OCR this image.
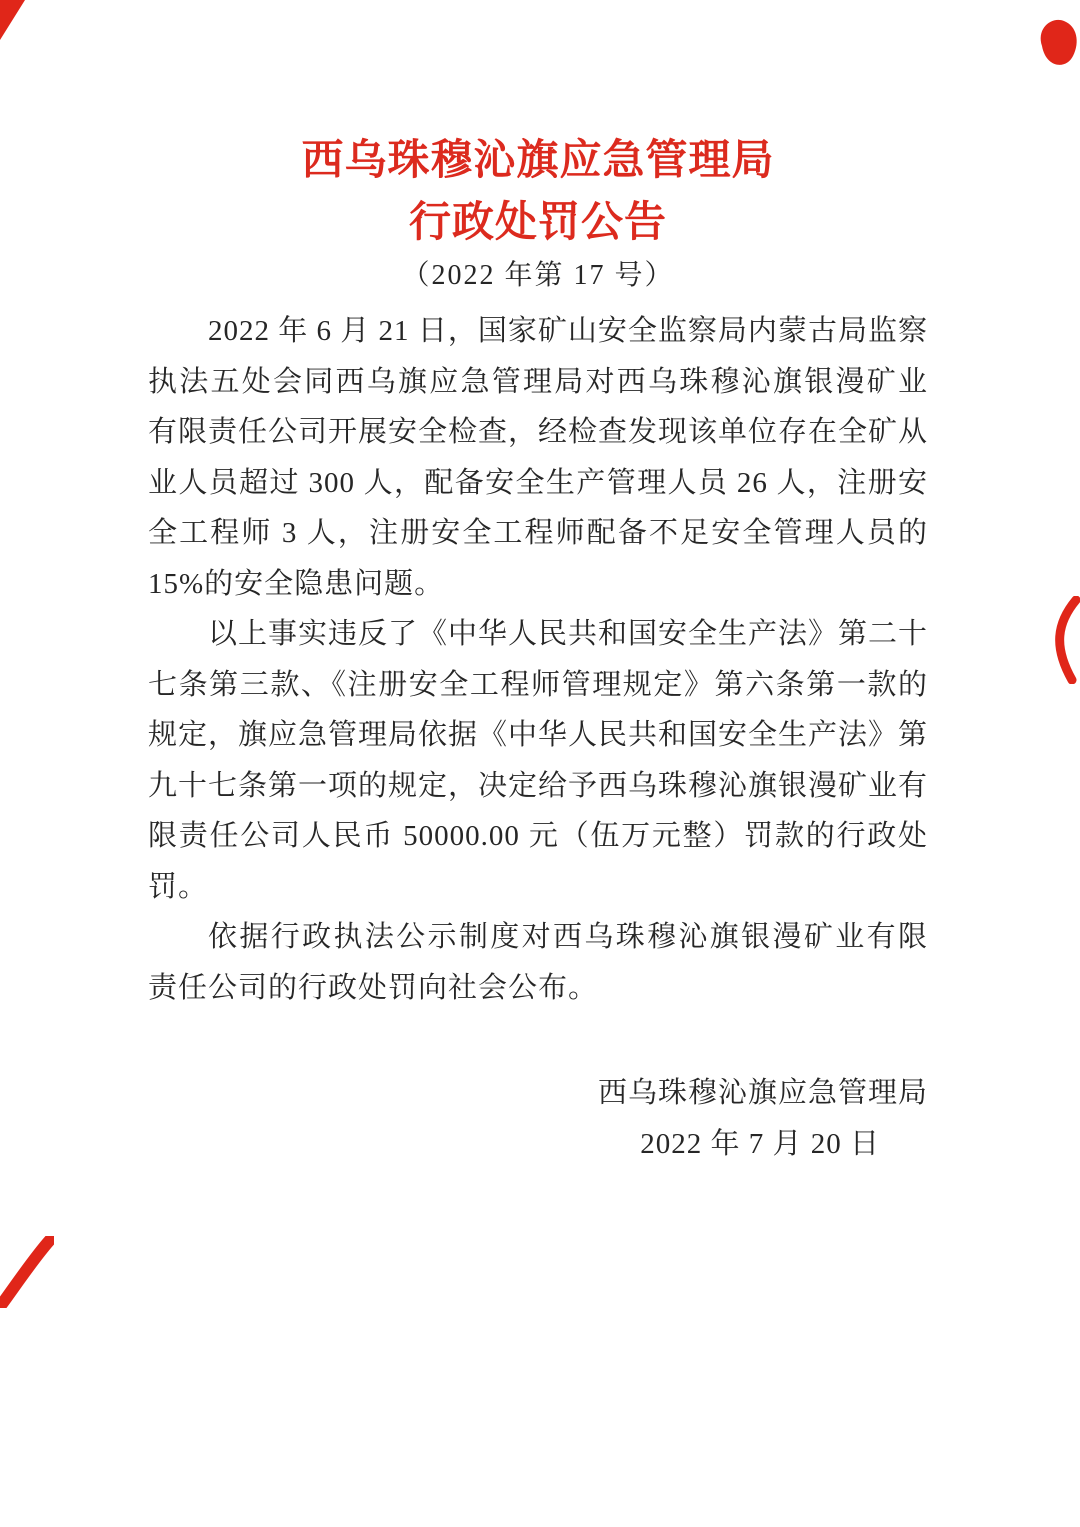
西乌珠穆沁旗应急管理局
行政处罚公告
（2022 年第 17 号）
2022 年 6 月 21 日，国家矿山安全监察局内蒙古局监察
执法五处会同西乌旗应急管理局对西乌珠穆沁旗银漫矿业
有限责任公司开展安全检查，经检查发现该单位存在全矿从
业人员超过 300 人，配备安全生产管理人员 26 人，注册安
全工程师 3 人，注册安全工程师配备不足安全管理人员的
15%的安全隐患问题。
以上事实违反了《中华人民共和国安全生产法》第二十
七条第三款、《注册安全工程师管理规定》第六条第一款的
规定，旗应急管理局依据《中华人民共和国安全生产法》第
九十七条第一项的规定，决定给予西乌珠穆沁旗银漫矿业有
限责任公司人民币 50000.00 元（伍万元整）罚款的行政处
罚。
依据行政执法公示制度对西乌珠穆沁旗银漫矿业有限
责任公司的行政处罚向社会公布。
西乌珠穆沁旗应急管理局
2022 年 7 月 20 日
